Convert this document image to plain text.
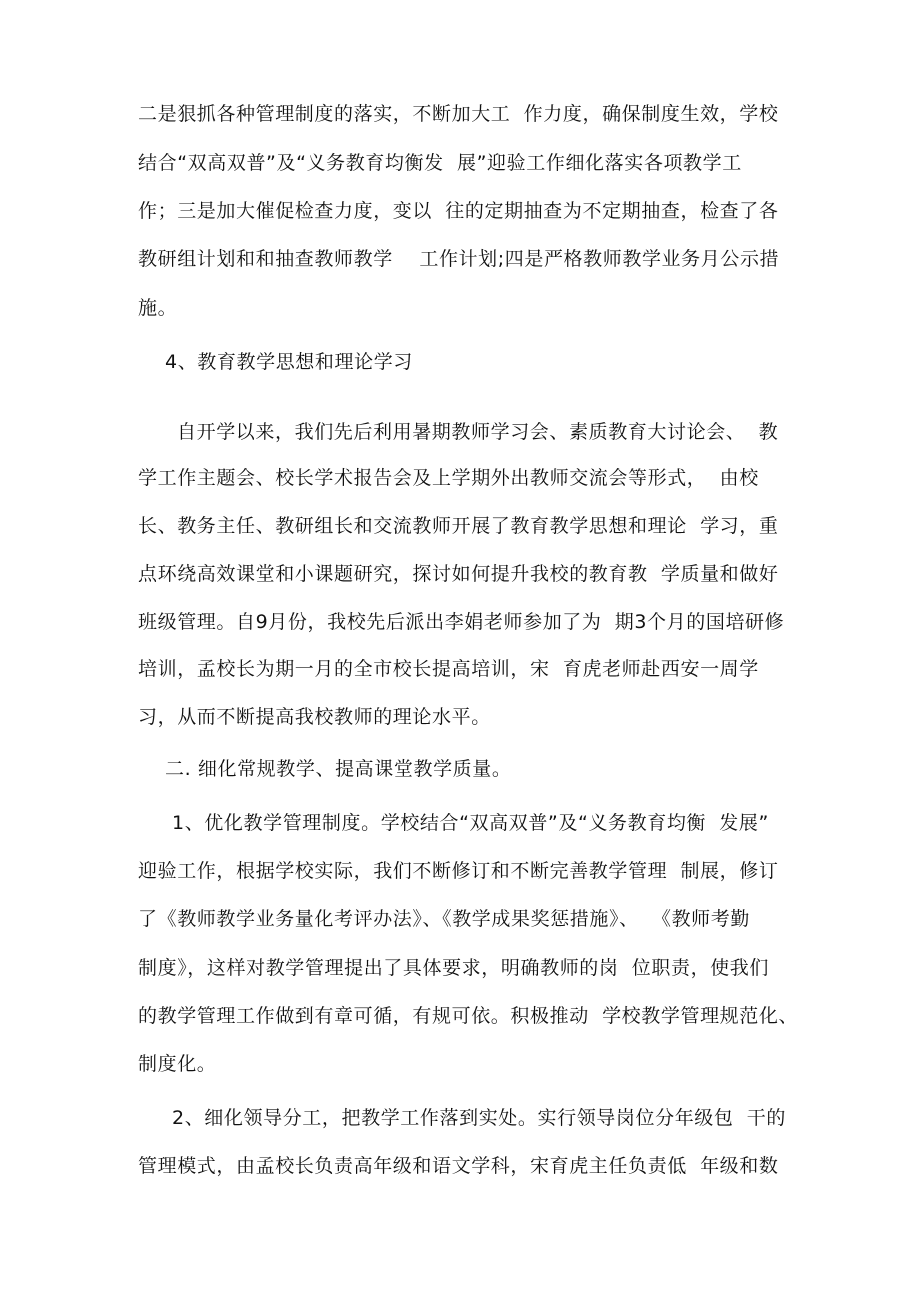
二是狠抓各种管理制度的落实，不断加大工  作力度，确保制度生效，学校
结合“双高双普”及“义务教育均衡发  展”迎验工作细化落实各项教学工
作；三是加大催促检查力度，变以  往的定期抽查为不定期抽查，检查了各
教研组计划和和抽查教师教学    工作计划;四是严格教师教学业务月公示措
施。
4、教育教学思想和理论学习
自开学以来，我们先后利用暑期教师学习会、素质教育大讨论会、  教
学工作主题会、校长学术报告会及上学期外出教师交流会等形式，  由校
长、教务主任、教研组长和交流教师开展了教育教学思想和理论  学习，重
点环绕高效课堂和小课题研究，探讨如何提升我校的教育教  学质量和做好
班级管理。自9月份，我校先后派出李娟老师参加了为  期3个月的国培研修
培训，孟校长为期一月的全市校长提高培训，宋  育虎老师赴西安一周学
习，从而不断提高我校教师的理论水平。
二. 细化常规教学、提高课堂教学质量。
1、优化教学管理制度。学校结合“双高双普”及“义务教育均衡  发展”
迎验工作，根据学校实际，我们不断修订和不断完善教学管理  制展，修订
了《教师教学业务量化考评办法》、《教学成果奖惩措施》、  《教师考勤
制度》，这样对教学管理提出了具体要求，明确教师的岗  位职责，使我们
的教学管理工作做到有章可循，有规可依。积极推动  学校教学管理规范化、
制度化。
2、细化领导分工，把教学工作落到实处。实行领导岗位分年级包  干的
管理模式，由孟校长负责高年级和语文学科，宋育虎主任负责低  年级和数
